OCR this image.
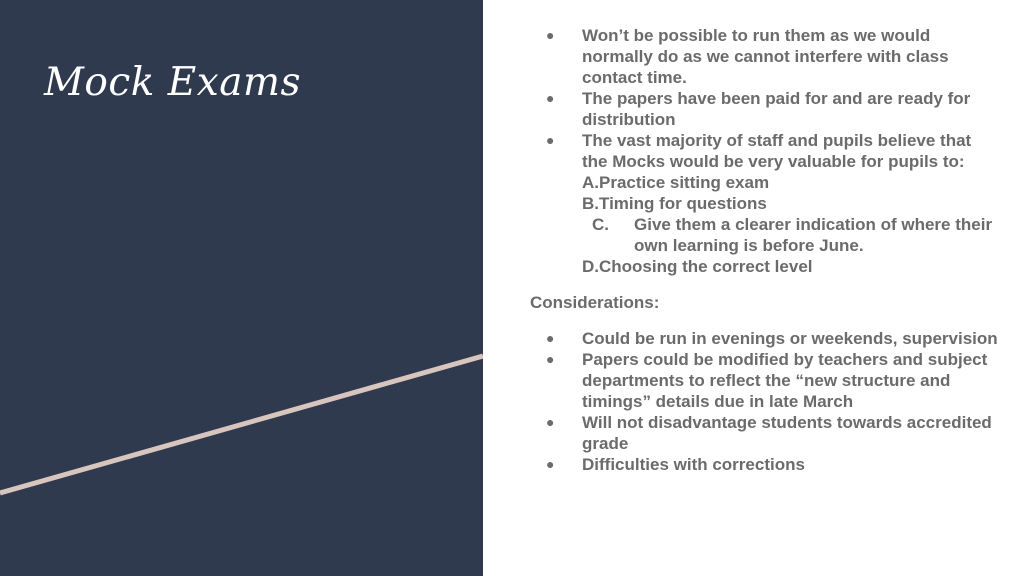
Mock Exams
● Won’t be possible to run them as we would normally do as we cannot interfere with class contact time.
● The papers have been paid for and are ready for distribution
● The vast majority of staff and pupils believe that the Mocks would be very valuable for pupils to:
A.Practice sitting exam
B.Timing for questions
C. Give them a clearer indication of where their own learning is before June.
D.Choosing the correct level

Considerations:

● Could be run in evenings or weekends, supervision
● Papers could be modified by teachers and subject departments to reflect the “new structure and timings” details due in late March
● Will not disadvantage students towards accredited grade
● Difficulties with corrections
